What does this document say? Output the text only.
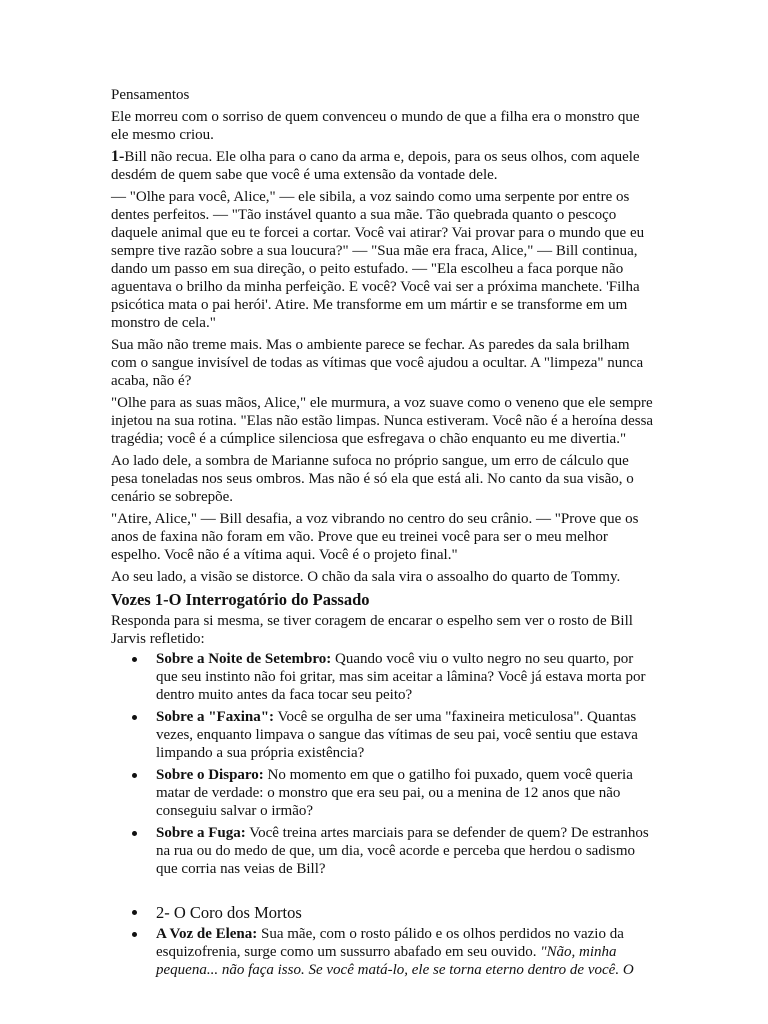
Pensamentos

Ele morreu com o sorriso de quem convenceu o mundo de que a filha era o monstro que ele mesmo criou.

1-Bill não recua. Ele olha para o cano da arma e, depois, para os seus olhos, com aquele desdém de quem sabe que você é uma extensão da vontade dele.

— "Olhe para você, Alice," — ele sibila, a voz saindo como uma serpente por entre os dentes perfeitos. — "Tão instável quanto a sua mãe. Tão quebrada quanto o pescoço daquele animal que eu te forcei a cortar. Você vai atirar? Vai provar para o mundo que eu sempre tive razão sobre a sua loucura?" — "Sua mãe era fraca, Alice," — Bill continua, dando um passo em sua direção, o peito estufado. — "Ela escolheu a faca porque não aguentava o brilho da minha perfeição. E você? Você vai ser a próxima manchete. 'Filha psicótica mata o pai herói'. Atire. Me transforme em um mártir e se transforme em um monstro de cela."

Sua mão não treme mais. Mas o ambiente parece se fechar. As paredes da sala brilham com o sangue invisível de todas as vítimas que você ajudou a ocultar. A "limpeza" nunca acaba, não é?

"Olhe para as suas mãos, Alice," ele murmura, a voz suave como o veneno que ele sempre injetou na sua rotina. "Elas não estão limpas. Nunca estiveram. Você não é a heroína dessa tragédia; você é a cúmplice silenciosa que esfregava o chão enquanto eu me divertia."

Ao lado dele, a sombra de Marianne sufoca no próprio sangue, um erro de cálculo que pesa toneladas nos seus ombros. Mas não é só ela que está ali. No canto da sua visão, o cenário se sobrepõe.

"Atire, Alice," — Bill desafia, a voz vibrando no centro do seu crânio. — "Prove que os anos de faxina não foram em vão. Prove que eu treinei você para ser o meu melhor espelho. Você não é a vítima aqui. Você é o projeto final."

Ao seu lado, a visão se distorce. O chão da sala vira o assoalho do quarto de Tommy.

Vozes 1-O Interrogatório do Passado

Responda para si mesma, se tiver coragem de encarar o espelho sem ver o rosto de Bill Jarvis refletido:

Sobre a Noite de Setembro: Quando você viu o vulto negro no seu quarto, por que seu instinto não foi gritar, mas sim aceitar a lâmina? Você já estava morta por dentro muito antes da faca tocar seu peito?
Sobre a "Faxina": Você se orgulha de ser uma "faxineira meticulosa". Quantas vezes, enquanto limpava o sangue das vítimas de seu pai, você sentiu que estava limpando a sua própria existência?
Sobre o Disparo: No momento em que o gatilho foi puxado, quem você queria matar de verdade: o monstro que era seu pai, ou a menina de 12 anos que não conseguiu salvar o irmão?
Sobre a Fuga: Você treina artes marciais para se defender de quem? De estranhos na rua ou do medo de que, um dia, você acorde e perceba que herdou o sadismo que corria nas veias de Bill?
2- O Coro dos Mortos
A Voz de Elena: Sua mãe, com o rosto pálido e os olhos perdidos no vazio da esquizofrenia, surge como um sussurro abafado em seu ouvido. "Não, minha pequena... não faça isso. Se você matá-lo, ele se torna eterno dentro de você. O
